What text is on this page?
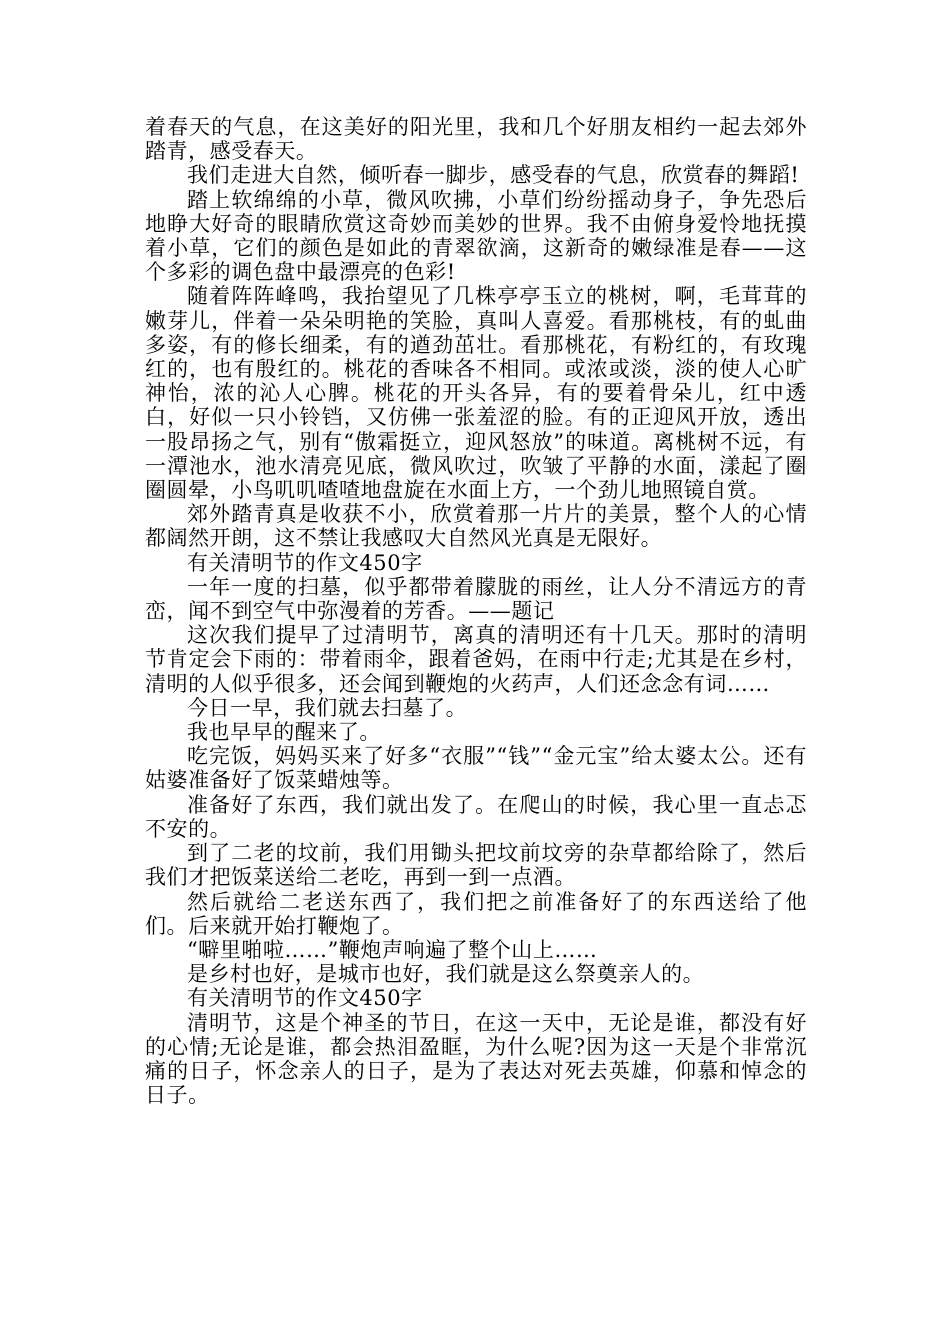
着春天的气息，在这美好的阳光里，我和几个好朋友相约一起去郊外踏青，感受春天。

我们走进大自然，倾听春一脚步，感受春的气息，欣赏春的舞蹈!

踏上软绵绵的小草，微风吹拂，小草们纷纷摇动身子，争先恐后地睁大好奇的眼睛欣赏这奇妙而美妙的世界。我不由俯身爱怜地抚摸着小草，它们的颜色是如此的青翠欲滴，这新奇的嫩绿准是春——这个多彩的调色盘中最漂亮的色彩!

随着阵阵峰鸣，我抬望见了几株亭亭玉立的桃树，啊，毛茸茸的嫩芽儿，伴着一朵朵明艳的笑脸，真叫人喜爱。看那桃枝，有的虬曲多姿，有的修长细柔，有的遒劲茁壮。看那桃花，有粉红的，有玫瑰红的，也有殷红的。桃花的香味各不相同。或浓或淡，淡的使人心旷神怡，浓的沁人心脾。桃花的开头各异，有的要着骨朵儿，红中透白，好似一只小铃铛，又仿佛一张羞涩的脸。有的正迎风开放，透出一股昂扬之气，别有“傲霜挺立，迎风怒放”的味道。离桃树不远，有一潭池水，池水清亮见底，微风吹过，吹皱了平静的水面，漾起了圈圈圆晕，小鸟叽叽喳喳地盘旋在水面上方，一个劲儿地照镜自赏。

郊外踏青真是收获不小，欣赏着那一片片的美景，整个人的心情都阔然开朗，这不禁让我感叹大自然风光真是无限好。

有关清明节的作文450字

一年一度的扫墓，似乎都带着朦胧的雨丝，让人分不清远方的青峦，闻不到空气中弥漫着的芳香。——题记

这次我们提早了过清明节，离真的清明还有十几天。那时的清明节肯定会下雨的：带着雨伞，跟着爸妈，在雨中行走;尤其是在乡村，清明的人似乎很多，还会闻到鞭炮的火药声，人们还念念有词……

今日一早，我们就去扫墓了。

我也早早的醒来了。

吃完饭，妈妈买来了好多“衣服”“钱”“金元宝”给太婆太公。还有姑婆准备好了饭菜蜡烛等。

准备好了东西，我们就出发了。在爬山的时候，我心里一直忐忑不安的。

到了二老的坟前，我们用锄头把坟前坟旁的杂草都给除了，然后我们才把饭菜送给二老吃，再到一到一点酒。

然后就给二老送东西了，我们把之前准备好了的东西送给了他们。后来就开始打鞭炮了。

“噼里啪啦……”鞭炮声响遍了整个山上……

是乡村也好，是城市也好，我们就是这么祭奠亲人的。

有关清明节的作文450字

清明节，这是个神圣的节日，在这一天中，无论是谁，都没有好的心情;无论是谁，都会热泪盈眶，为什么呢?因为这一天是个非常沉痛的日子，怀念亲人的日子，是为了表达对死去英雄，仰慕和悼念的日子。
